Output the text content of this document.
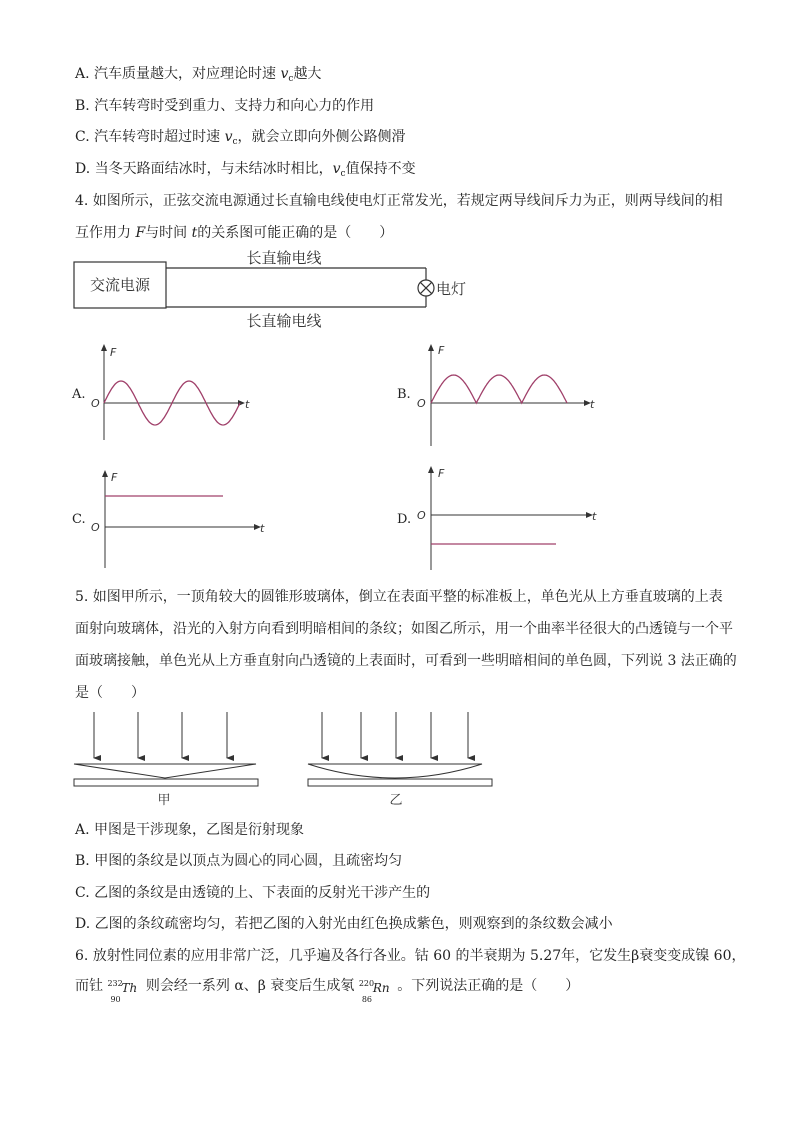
A. 汽车质量越大，对应理论时速 $v_c$越大
B. 汽车转弯时受到重力、支持力和向心力的作用
C. 汽车转弯时超过时速 $v_c$，就会立即向外侧公路侧滑
D. 当冬天路面结冰时，与未结冰时相比，$v_c$值保持不变
4. 如图所示，正弦交流电源通过长直输电线使电灯正常发光，若规定两导线间斥力为正，则两导线间的相
互作用力 F与时间 t的关系图可能正确的是（　　）
交流电源
长直输电线
长直输电线
电灯
A.
F
t
O
B.
F
t
O
C.
F
t
O
D.
F
t
O
5. 如图甲所示，一顶角较大的圆锥形玻璃体，倒立在表面平整的标准板上，单色光从上方垂直玻璃的上表
面射向玻璃体，沿光的入射方向看到明暗相间的条纹；如图乙所示，用一个曲率半径很大的凸透镜与一个平
面玻璃接触，单色光从上方垂直射向凸透镜的上表面时，可看到一些明暗相间的单色圆，下列说 3 法正确的
是（　　）
甲	乙
A. 甲图是干涉现象，乙图是衍射现象
B. 甲图的条纹是以顶点为圆心的同心圆，且疏密均匀
C. 乙图的条纹是由透镜的上、下表面的反射光干涉产生的
D. 乙图的条纹疏密均匀，若把乙图的入射光由红色换成紫色，则观察到的条纹数会减小
6. 放射性同位素的应用非常广泛，几乎遍及各行各业。钴 60 的半衰期为 5.27年，它发生β衰变变成镍 60，
而钍 232
90
Th 则会经一系列 α、β 衰变后生成氡 220
86
Rn 。下列说法正确的是（　　）
